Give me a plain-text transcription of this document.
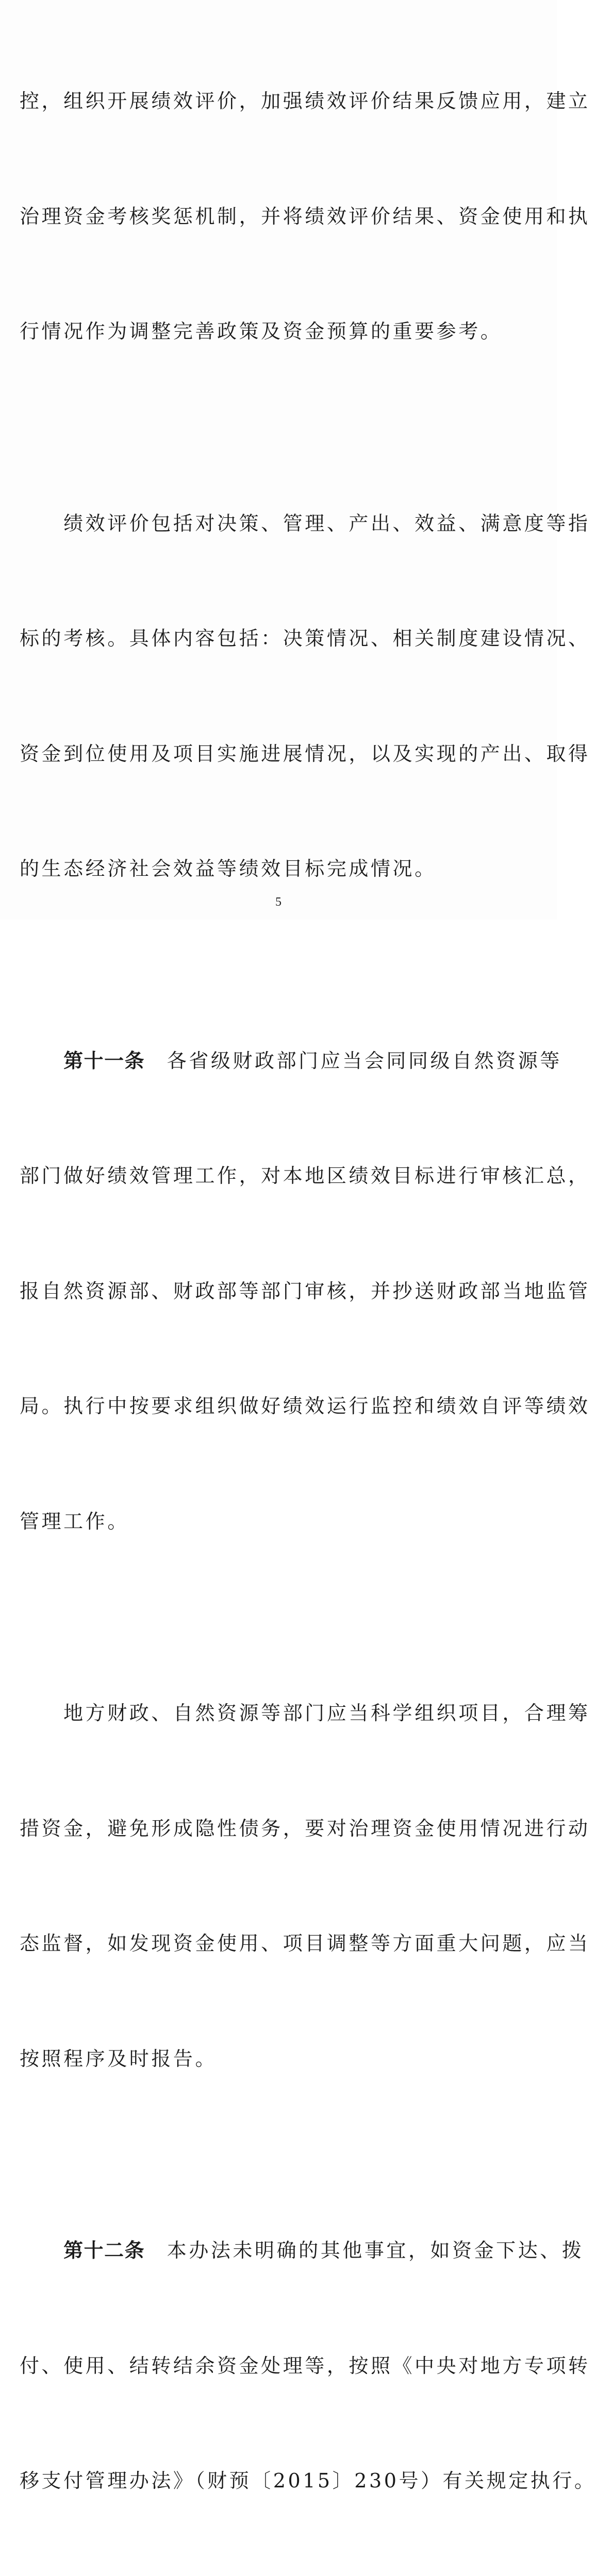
控，组织开展绩效评价，加强绩效评价结果反馈应用，建立

治理资金考核奖惩机制，并将绩效评价结果、资金使用和执

行情况作为调整完善政策及资金预算的重要参考。

　　绩效评价包括对决策、管理、产出、效益、满意度等指

标的考核。具体内容包括：决策情况、相关制度建设情况、

资金到位使用及项目实施进展情况，以及实现的产出、取得

的生态经济社会效益等绩效目标完成情况。

　　第十一条　各省级财政部门应当会同同级自然资源等

部门做好绩效管理工作，对本地区绩效目标进行审核汇总，

报自然资源部、财政部等部门审核，并抄送财政部当地监管

局。执行中按要求组织做好绩效运行监控和绩效自评等绩效

管理工作。

　　地方财政、自然资源等部门应当科学组织项目，合理筹

措资金，避免形成隐性债务，要对治理资金使用情况进行动

态监督，如发现资金使用、项目调整等方面重大问题，应当

按照程序及时报告。

　　第十二条　本办法未明确的其他事宜，如资金下达、拨

付、使用、结转结余资金处理等，按照《中央对地方专项转

移支付管理办法》（财预〔2015〕230号）有关规定执行。

5
